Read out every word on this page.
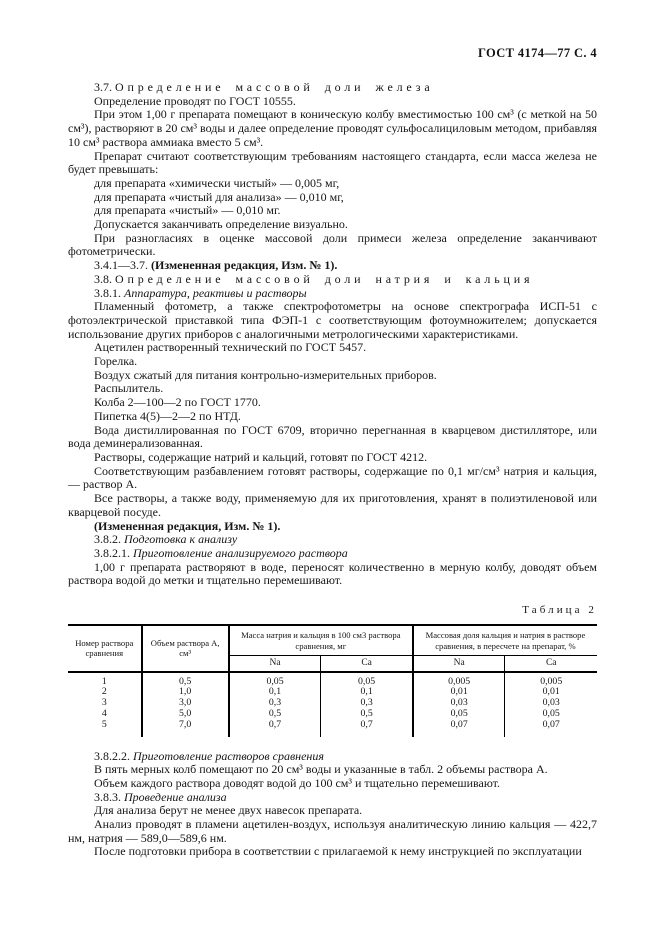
ГОСТ 4174—77 С. 4

3.7. Определение массовой доли железа

Определение проводят по ГОСТ 10555.

При этом 1,00 г препарата помещают в коническую колбу вместимостью 100 см³ (с меткой на 50 см³), растворяют в 20 см³ воды и далее определение проводят сульфосалициловым методом, прибавляя 10 см³ раствора аммиака вместо 5 см³.

Препарат считают соответствующим требованиям настоящего стандарта, если масса железа не будет превышать:

для препарата «химически чистый» — 0,005 мг,

для препарата «чистый для анализа» — 0,010 мг,

для препарата «чистый» — 0,010 мг.

Допускается заканчивать определение визуально.

При разногласиях в оценке массовой доли примеси железа определение заканчивают фотометрически.

3.4.1—3.7. (Измененная редакция, Изм. № 1).

3.8. Определение массовой доли натрия и кальция

3.8.1. Аппаратура, реактивы и растворы

Пламенный фотометр, а также спектрофотометры на основе спектрографа ИСП-51 с фотоэлектрической приставкой типа ФЭП-1 с соответствующим фотоумножителем; допускается использование других приборов с аналогичными метрологическими характеристиками.

Ацетилен растворенный технический по ГОСТ 5457.

Горелка.

Воздух сжатый для питания контрольно-измерительных приборов.

Распылитель.

Колба 2—100—2 по ГОСТ 1770.

Пипетка 4(5)—2—2 по НТД.

Вода дистиллированная по ГОСТ 6709, вторично перегнанная в кварцевом дистилляторе, или вода деминерализованная.

Растворы, содержащие натрий и кальций, готовят по ГОСТ 4212.

Соответствующим разбавлением готовят растворы, содержащие по 0,1 мг/см³ натрия и кальция, — раствор А.

Все растворы, а также воду, применяемую для их приготовления, хранят в полиэтиленовой или кварцевой посуде.

(Измененная редакция, Изм. № 1).

3.8.2. Подготовка к анализу

3.8.2.1. Приготовление анализируемого раствора

1,00 г препарата растворяют в воде, переносят количественно в мерную колбу, доводят объем раствора водой до метки и тщательно перемешивают.

Таблица 2
Номер раствора сравнения	Объем раствора А, см³	Масса натрия и кальция в 100 см3 раствора сравнения, мг		Массовая доля кальция и натрия в растворе сравнения, в пересчете на препарат, %	
		Na	Ca	Na	Ca
1	0,5	0,05	0,05	0,005	0,005
2	1,0	0,1	0,1	0,01	0,01
3	3,0	0,3	0,3	0,03	0,03
4	5,0	0,5	0,5	0,05	0,05
5	7,0	0,7	0,7	0,07	0,07

3.8.2.2. Приготовление растворов сравнения

В пять мерных колб помещают по 20 см³ воды и указанные в табл. 2 объемы раствора А.

Объем каждого раствора доводят водой до 100 см³ и тщательно перемешивают.

3.8.3. Проведение анализа

Для анализа берут не менее двух навесок препарата.

Анализ проводят в пламени ацетилен-воздух, используя аналитическую линию кальция — 422,7 нм, натрия — 589,0—589,6 нм.

После подготовки прибора в соответствии с прилагаемой к нему инструкцией по эксплуатации
